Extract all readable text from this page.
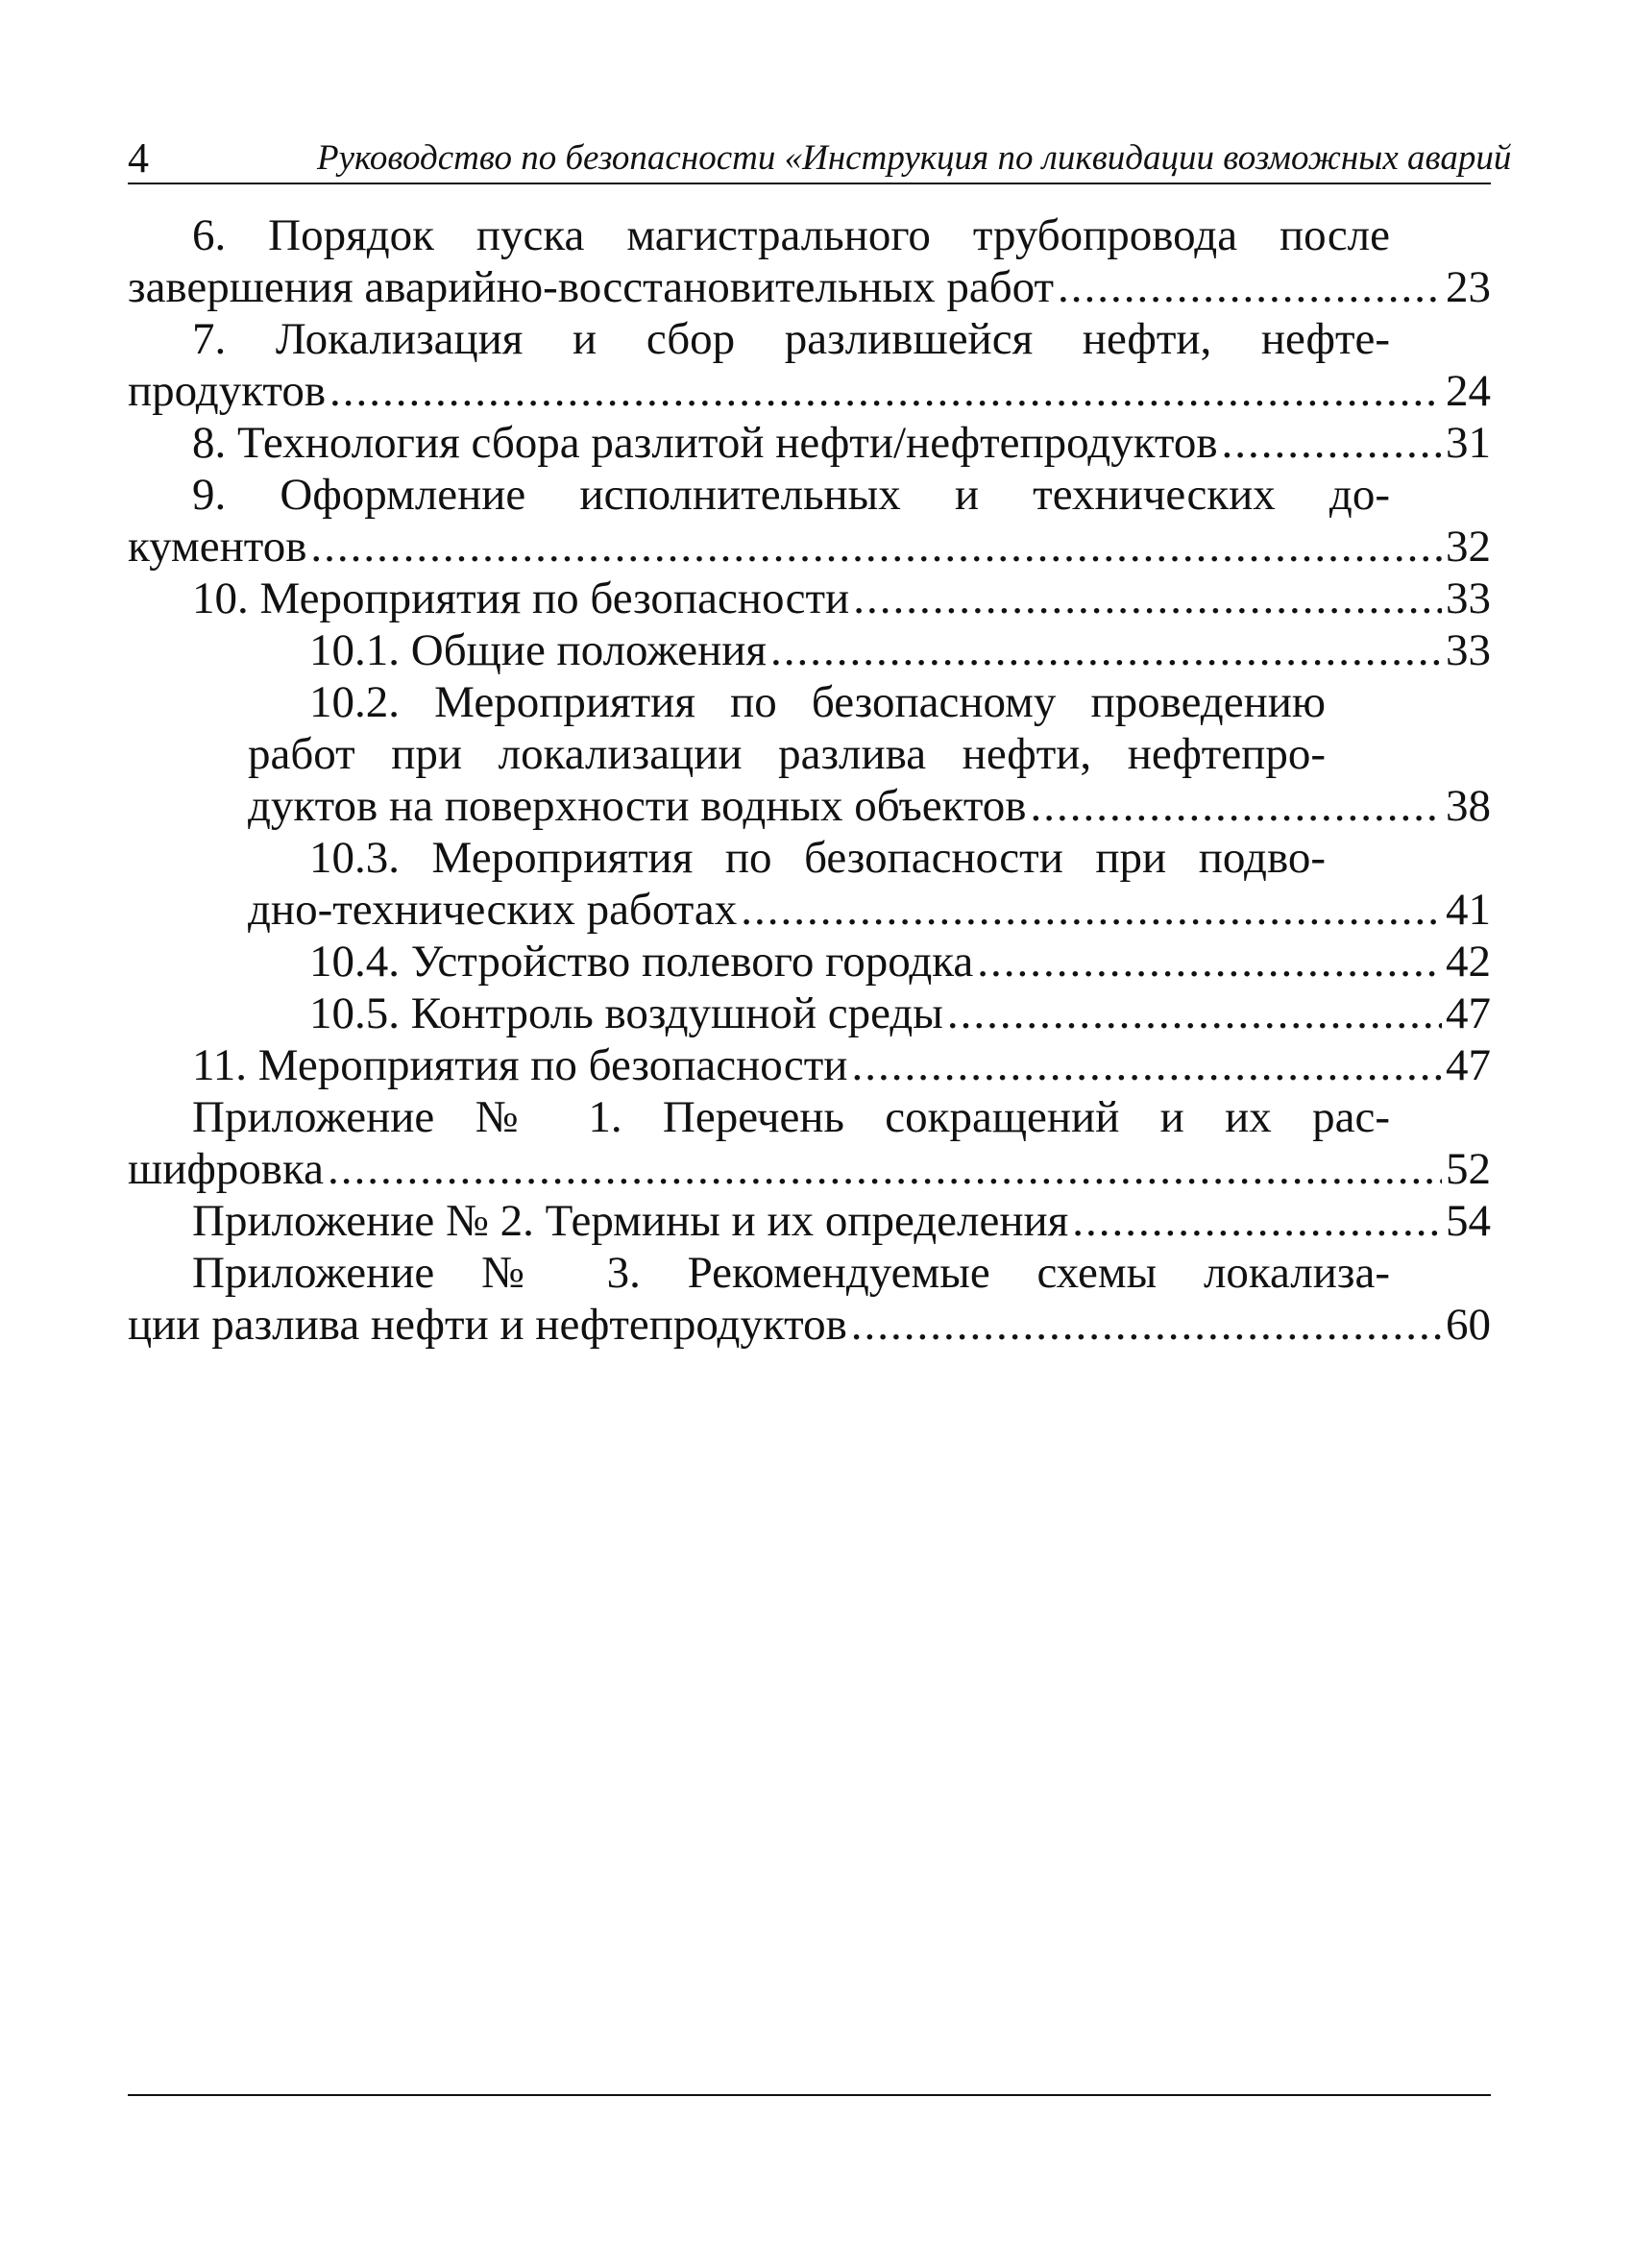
4	Руководство по безопасности «Инструкция по ликвидации возможных аварий
6. Порядок пуска магистрального трубопровода после
завершения аварийно-восстановительных работ .....	23
7. Локализация и сбор разлившейся нефти, нефте-
продуктов .....	24
8. Технология сбора разлитой нефти/нефтепродуктов .....	31
9. Оформление исполнительных и технических до-
кументов .....	32
10. Мероприятия по безопасности .....	33
10.1. Общие положения .....	33
10.2. Мероприятия по безопасному проведению
работ при локализации разлива нефти, нефтепро-
дуктов на поверхности водных объектов .....	38
10.3. Мероприятия по безопасности при подво-
дно-технических работах .....	41
10.4. Устройство полевого городка .....	42
10.5. Контроль воздушной среды .....	47
11. Мероприятия по безопасности .....	47
Приложение № 1. Перечень сокращений и их рас-
шифровка .....	52
Приложение № 2. Термины и их определения .....	54
Приложение № 3. Рекомендуемые схемы локализа-
ции разлива нефти и нефтепродуктов .....	60
